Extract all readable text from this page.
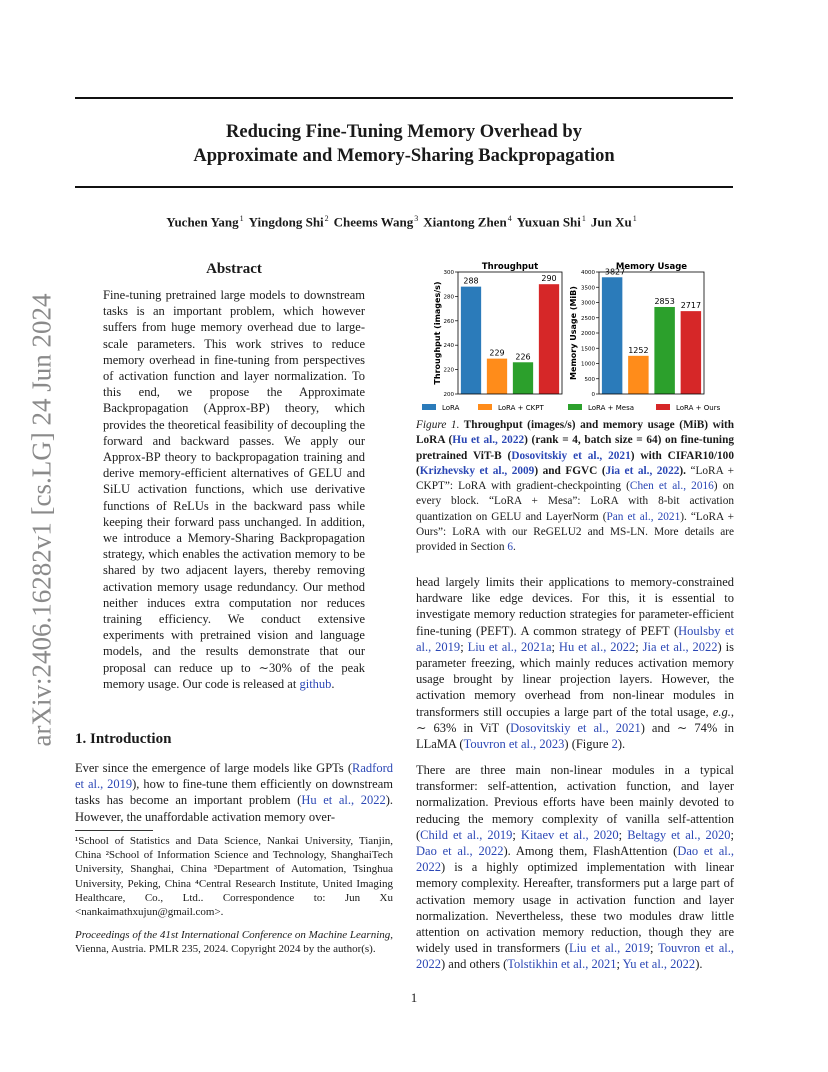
Reducing Fine-Tuning Memory Overhead by
Approximate and Memory-Sharing Backpropagation
Yuchen Yang$^1$ Yingdong Shi$^2$ Cheems Wang$^3$ Xiantong Zhen$^4$ Yuxuan Shi$^1$ Jun Xu$^1$
arXiv:2406.16282v1 [cs.LG] 24 Jun 2024
Abstract
Fine-tuning pretrained large models to downstream tasks is an important problem, which however suffers from huge memory overhead due to large-scale parameters. This work strives to reduce memory overhead in fine-tuning from perspectives of activation function and layer normalization. To this end, we propose the Approximate Backpropagation (Approx-BP) theory, which provides the theoretical feasibility of decoupling the forward and backward passes. We apply our Approx-BP theory to backpropagation training and derive memory-efficient alternatives of GELU and SiLU activation functions, which use derivative functions of ReLUs in the backward pass while keeping their forward pass unchanged. In addition, we introduce a Memory-Sharing Backpropagation strategy, which enables the activation memory to be shared by two adjacent layers, thereby removing activation memory usage redundancy. Our method neither induces extra computation nor reduces training efficiency. We conduct extensive experiments with pretrained vision and language models, and the results demonstrate that our proposal can reduce up to ∼30% of the peak memory usage. Our code is released at github.
1. Introduction
Ever since the emergence of large models like GPTs (Radford et al., 2019), how to fine-tune them efficiently on downstream tasks has become an important problem (Hu et al., 2022). However, the unaffordable activation memory over-
¹School of Statistics and Data Science, Nankai University, Tianjin, China ²School of Information Science and Technology, ShanghaiTech University, Shanghai, China ³Department of Automation, Tsinghua University, Peking, China ⁴Central Research Institute, United Imaging Healthcare, Co., Ltd.. Correspondence to: Jun Xu <nankaimathxujun@gmail.com>.
Proceedings of the 41st International Conference on Machine Learning, Vienna, Austria. PMLR 235, 2024. Copyright 2024 by the author(s).
Throughput
Throughput (images/s)
200
220
240
260
280
300
288
229 226
290
Memory Usage
Memory Usage (MiB)
0
500
1000
1500
2000
2500
3000
3500
4000 3827
1252
2853 2717
LoRA	LoRA + CKPT	LoRA + Mesa	LoRA + Ours
Figure 1. Throughput (images/s) and memory usage (MiB) with LoRA (Hu et al., 2022) (rank = 4, batch size = 64) on fine-tuning pretrained ViT-B (Dosovitskiy et al., 2021) with CIFAR10/100 (Krizhevsky et al., 2009) and FGVC (Jia et al., 2022). “LoRA + CKPT”: LoRA with gradient-checkpointing (Chen et al., 2016) on every block. “LoRA + Mesa”: LoRA with 8-bit activation quantization on GELU and LayerNorm (Pan et al., 2021). “LoRA + Ours”: LoRA with our ReGELU2 and MS-LN. More details are provided in Section 6.
head largely limits their applications to memory-constrained hardware like edge devices. For this, it is essential to investigate memory reduction strategies for parameter-efficient fine-tuning (PEFT). A common strategy of PEFT (Houlsby et al., 2019; Liu et al., 2021a; Hu et al., 2022; Jia et al., 2022) is parameter freezing, which mainly reduces activation memory usage brought by linear projection layers. However, the activation memory overhead from non-linear modules in transformers still occupies a large part of the total usage, e.g., ∼ 63% in ViT (Dosovitskiy et al., 2021) and ∼ 74% in LLaMA (Touvron et al., 2023) (Figure 2).
There are three main non-linear modules in a typical transformer: self-attention, activation function, and layer normalization. Previous efforts have been mainly devoted to reducing the memory complexity of vanilla self-attention (Child et al., 2019; Kitaev et al., 2020; Beltagy et al., 2020; Dao et al., 2022). Among them, FlashAttention (Dao et al., 2022) is a highly optimized implementation with linear memory complexity. Hereafter, transformers put a large part of activation memory usage in activation function and layer normalization. Nevertheless, these two modules draw little attention on activation memory reduction, though they are widely used in transformers (Liu et al., 2019; Touvron et al., 2022) and others (Tolstikhin et al., 2021; Yu et al., 2022).
1
